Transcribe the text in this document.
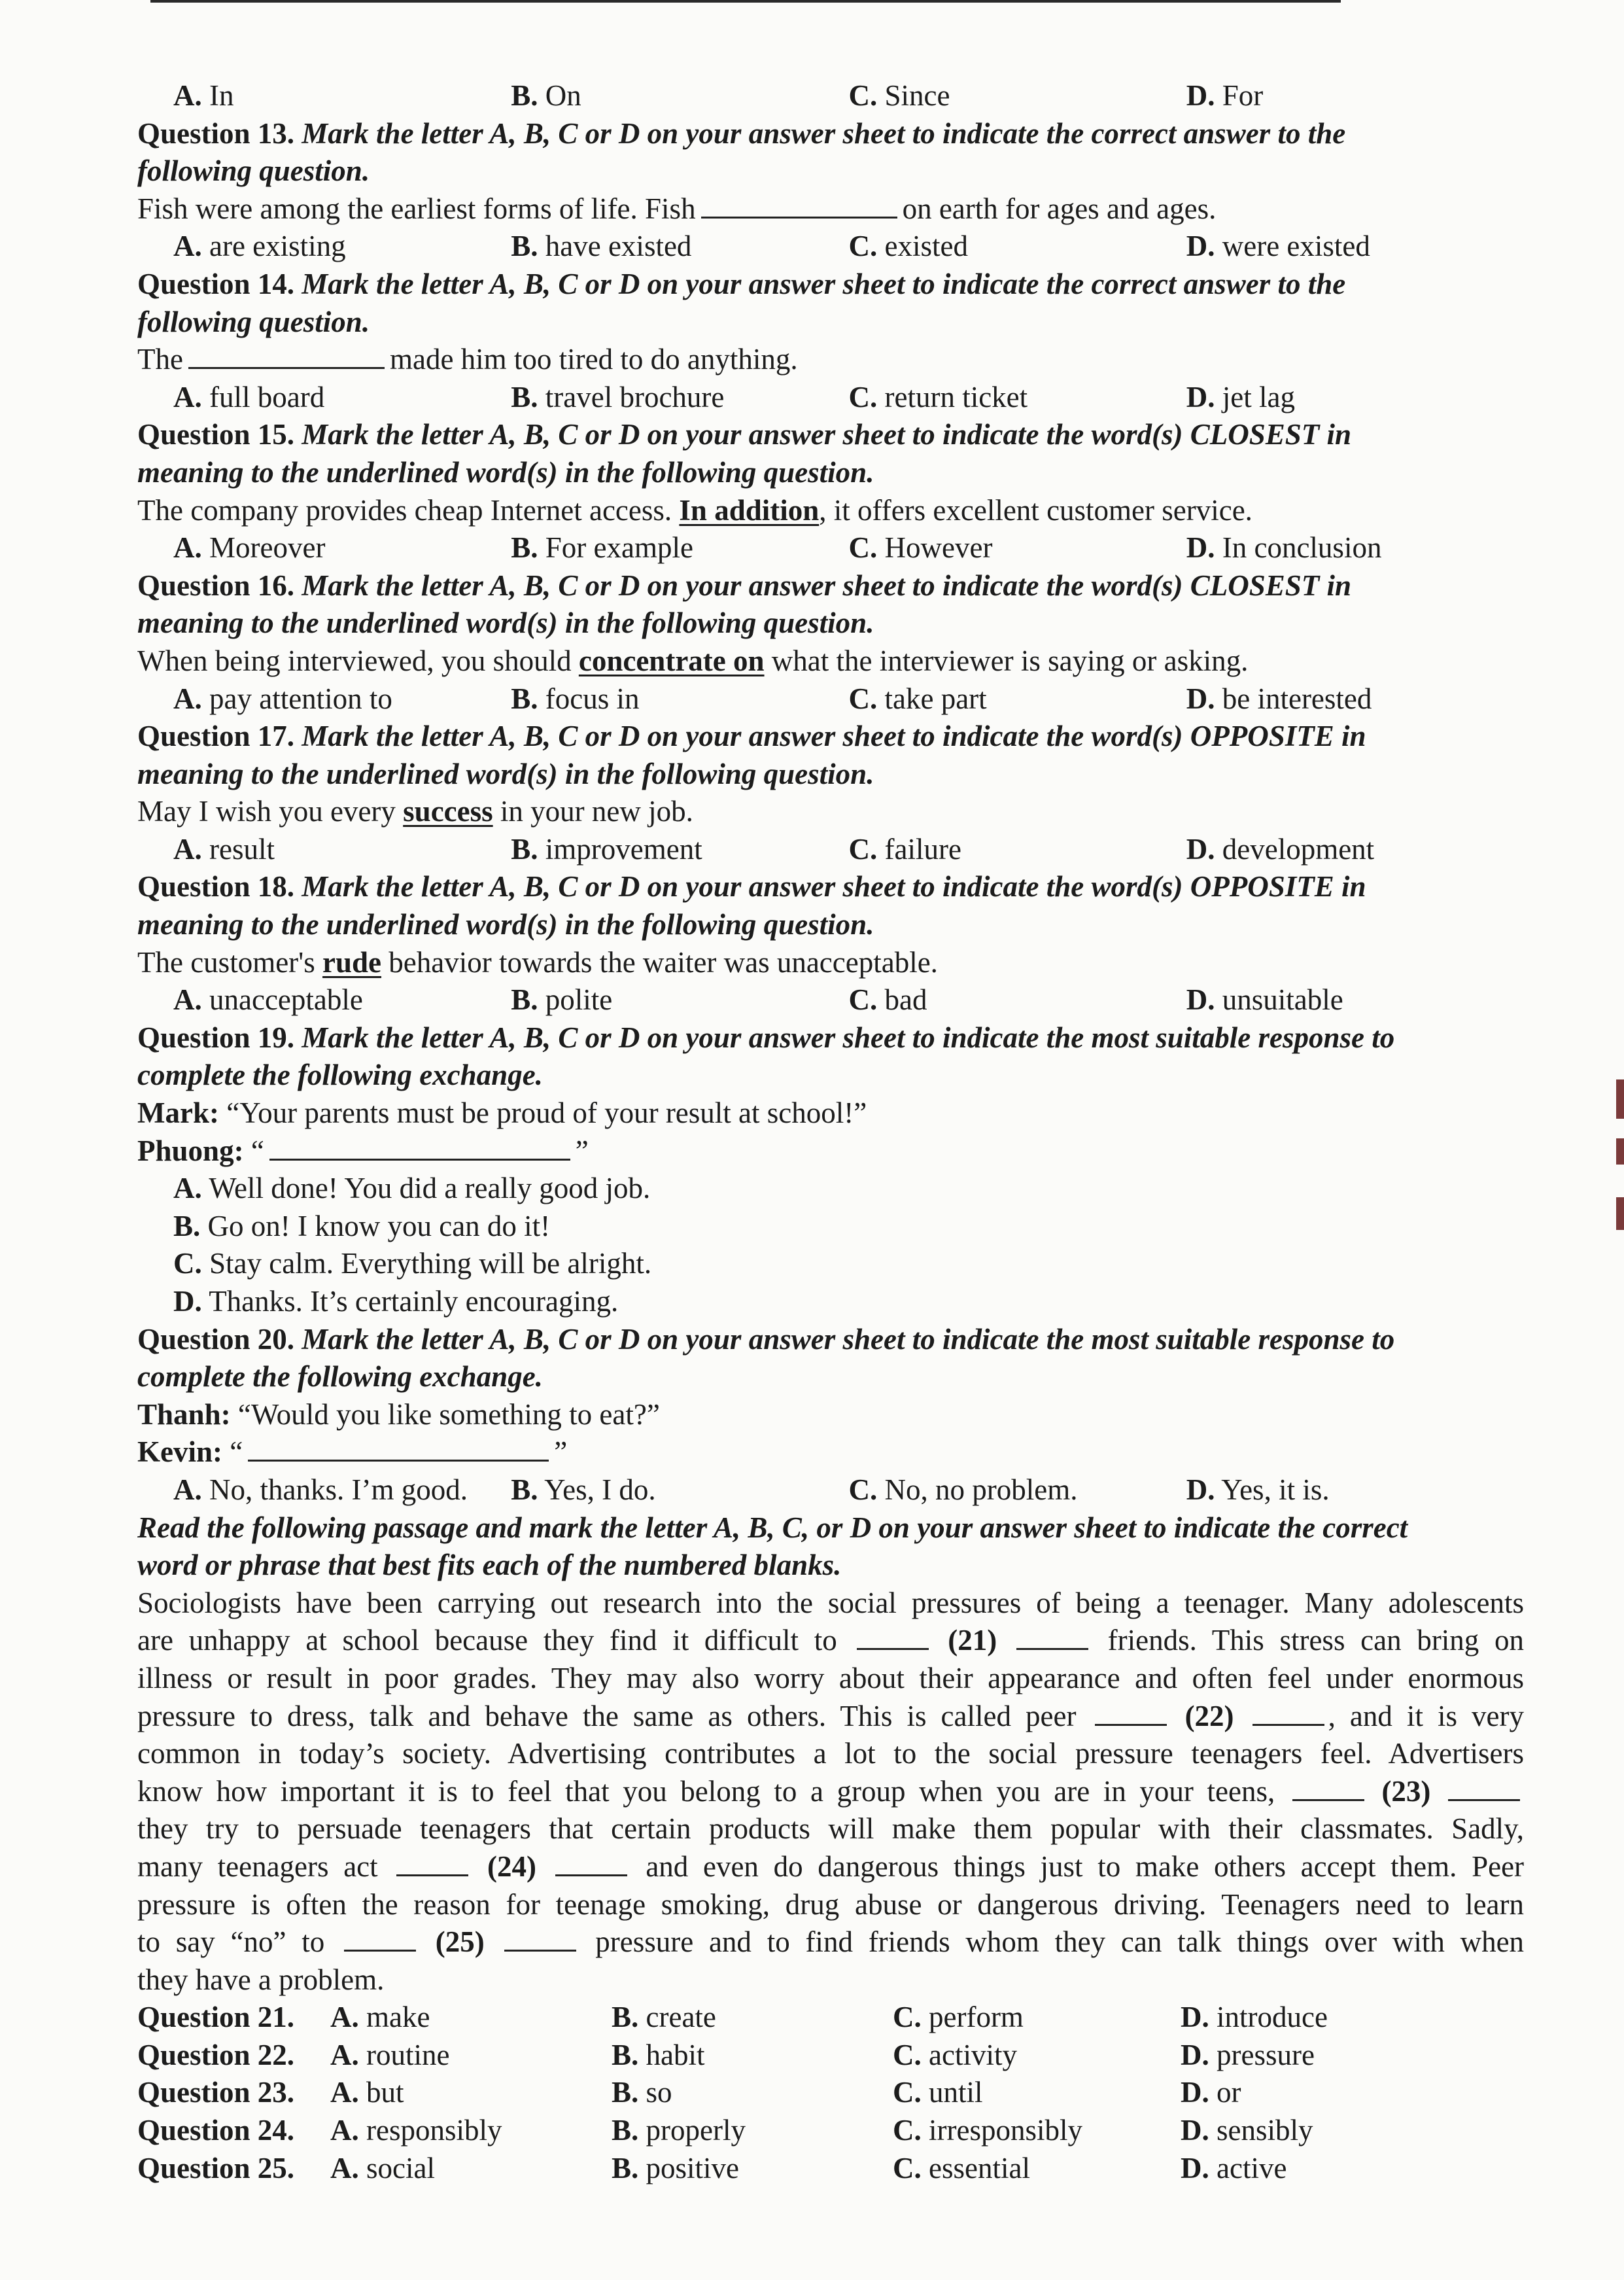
A. In	B. On	C. Since	D. For
Question 13. Mark the letter A, B, C or D on your answer sheet to indicate the correct answer to the
following question.
Fish were among the earliest forms of life. Fish	on earth for ages and ages.
A. are existing	B. have existed	C. existed	D. were existed
Question 14. Mark the letter A, B, C or D on your answer sheet to indicate the correct answer to the
following question.
The	made him too tired to do anything.
A. full board	B. travel brochure	C. return ticket	D. jet lag
Question 15. Mark the letter A, B, C or D on your answer sheet to indicate the word(s) CLOSEST in
meaning to the underlined word(s) in the following question.
The company provides cheap Internet access. In addition, it offers excellent customer service.
A. Moreover	B. For example	C. However	D. In conclusion
Question 16. Mark the letter A, B, C or D on your answer sheet to indicate the word(s) CLOSEST in
meaning to the underlined word(s) in the following question.
When being interviewed, you should concentrate on what the interviewer is saying or asking.
A. pay attention to	B. focus in	C. take part	D. be interested
Question 17. Mark the letter A, B, C or D on your answer sheet to indicate the word(s) OPPOSITE in
meaning to the underlined word(s) in the following question.
May I wish you every success in your new job.
A. result	B. improvement	C. failure	D. development
Question 18. Mark the letter A, B, C or D on your answer sheet to indicate the word(s) OPPOSITE in
meaning to the underlined word(s) in the following question.
The customer's rude behavior towards the waiter was unacceptable.
A. unacceptable	B. polite	C. bad	D. unsuitable
Question 19. Mark the letter A, B, C or D on your answer sheet to indicate the most suitable response to
complete the following exchange.
Mark: “Your parents must be proud of your result at school!”
Phuong: “	”
A. Well done! You did a really good job.
B. Go on! I know you can do it!
C. Stay calm. Everything will be alright.
D. Thanks. It’s certainly encouraging.
Question 20. Mark the letter A, B, C or D on your answer sheet to indicate the most suitable response to
complete the following exchange.
Thanh: “Would you like something to eat?”
Kevin: “	”
A. No, thanks. I’m good.	B. Yes, I do.	C. No, no problem.	D. Yes, it is.
Read the following passage and mark the letter A, B, C, or D on your answer sheet to indicate the correct
word or phrase that best fits each of the numbered blanks.
Sociologists have been carrying out research into the social pressures of being a teenager. Many adolescents
are unhappy at school because they find it difficult to	(21)	friends. This stress can bring on
illness or result in poor grades. They may also worry about their appearance and often feel under enormous
pressure to dress, talk and behave the same as others. This is called peer	(22)	, and it is very
common in today’s society. Advertising contributes a lot to the social pressure teenagers feel. Advertisers
know how important it is to feel that you belong to a group when you are in your teens,	(23)
they try to persuade teenagers that certain products will make them popular with their classmates. Sadly,
many teenagers act	(24)	and even do dangerous things just to make others accept them. Peer
pressure is often the reason for teenage smoking, drug abuse or dangerous driving. Teenagers need to learn
to say “no” to	(25)	pressure and to find friends whom they can talk things over with when
they have a problem.
Question 21.	A. make	B. create	C. perform	D. introduce
Question 22.	A. routine	B. habit	C. activity	D. pressure
Question 23.	A. but	B. so	C. until	D. or
Question 24.	A. responsibly	B. properly	C. irresponsibly	D. sensibly
Question 25.	A. social	B. positive	C. essential	D. active
